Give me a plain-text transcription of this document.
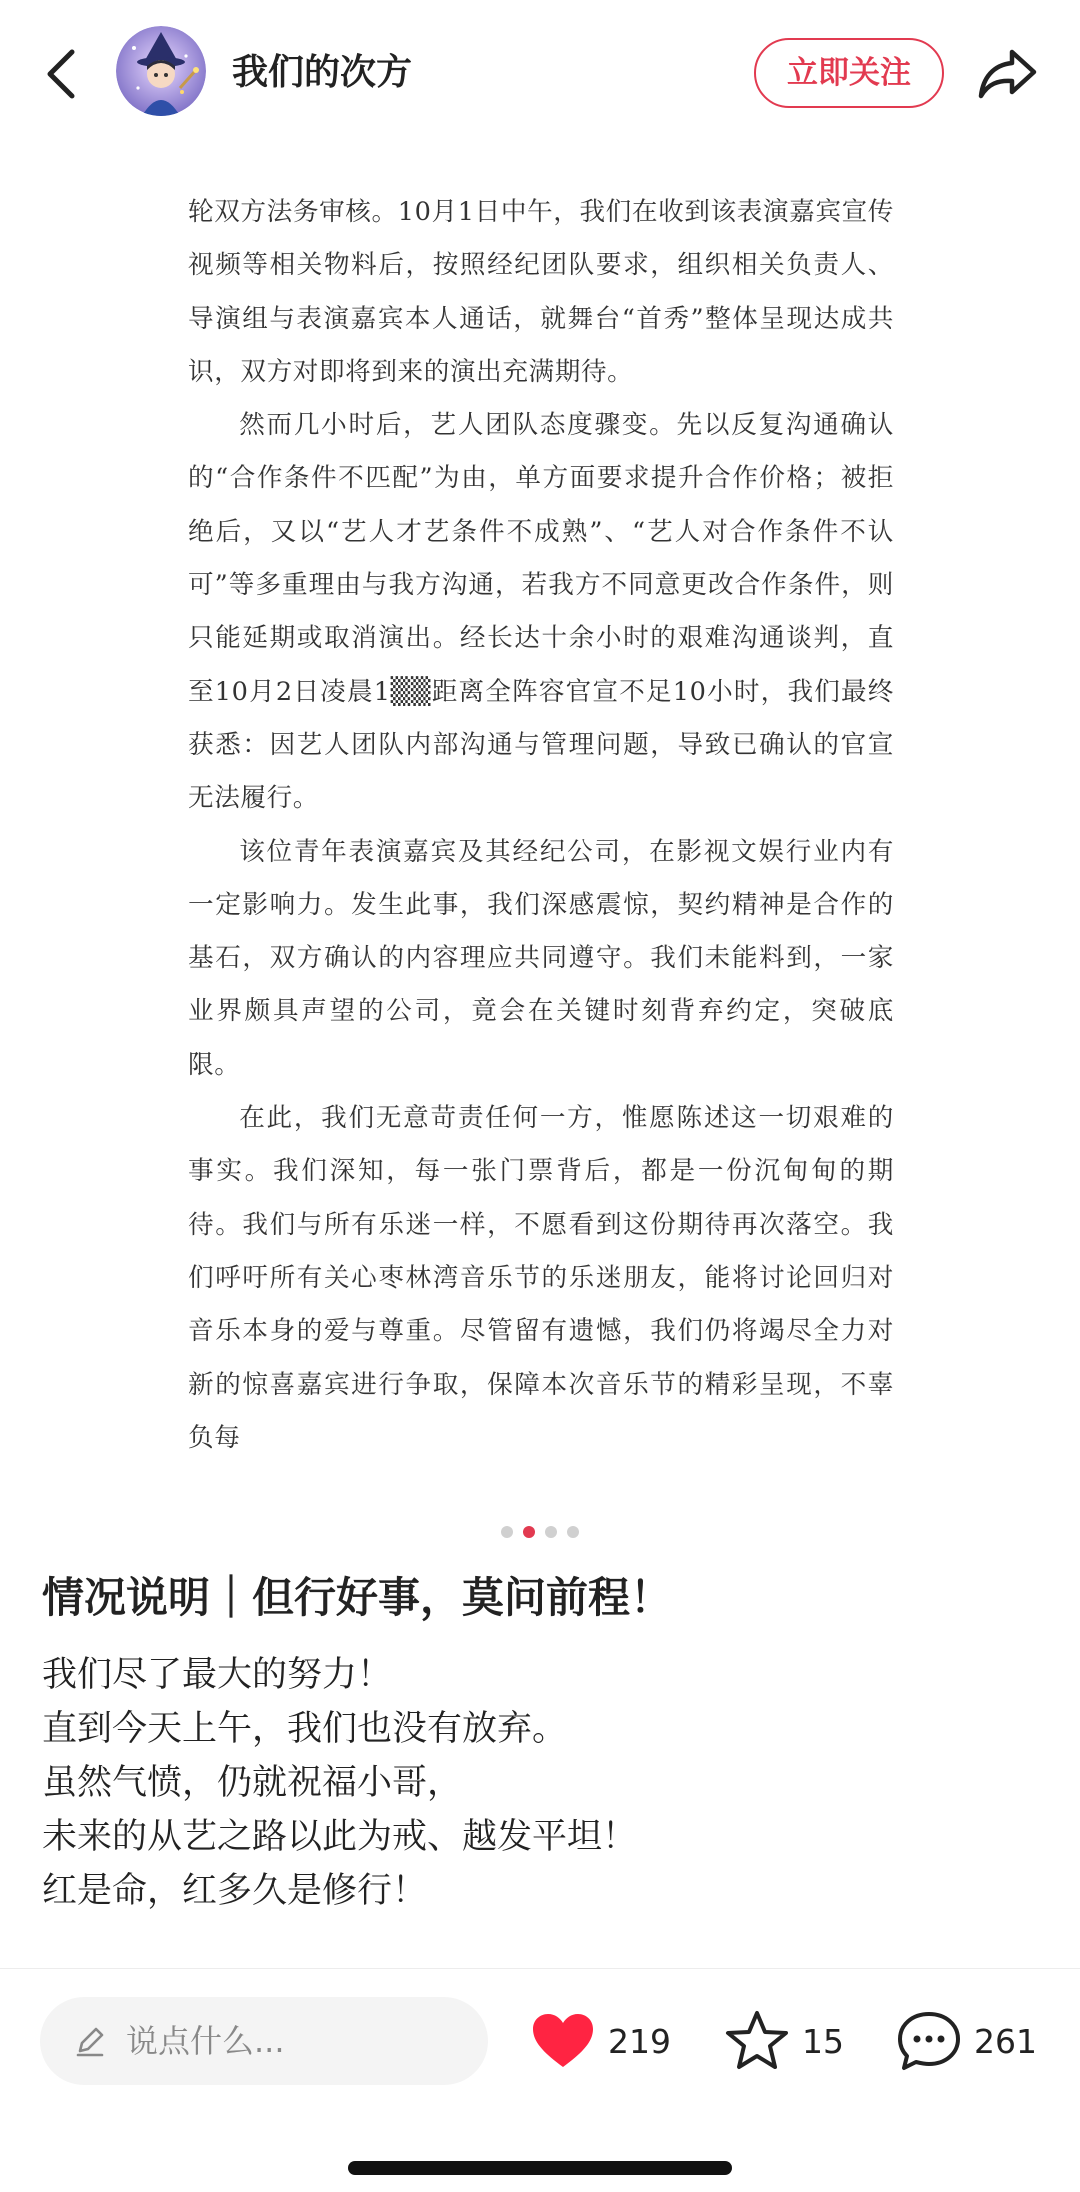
我们的次方	立即关注

轮双方法务审核。10月1日中午，我们在收到该表演嘉宾宣传视频等相关物料后，按照经纪团队要求，组织相关负责人、导演组与表演嘉宾本人通话，就舞台“首秀”整体呈现达成共识，双方对即将到来的演出充满期待。

然而几小时后，艺人团队态度骤变。先以反复沟通确认的“合作条件不匹配”为由，单方面要求提升合作价格；被拒绝后，又以“艺人才艺条件不成熟”、“艺人对合作条件不认可”等多重理由与我方沟通，若我方不同意更改合作条件，则只能延期或取消演出。经长达十余小时的艰难沟通谈判，直至10月2日凌晨1▒▒距离全阵容官宣不足10小时，我们最终获悉：因艺人团队内部沟通与管理问题，导致已确认的官宣无法履行。

该位青年表演嘉宾及其经纪公司，在影视文娱行业内有一定影响力。发生此事，我们深感震惊，契约精神是合作的基石，双方确认的内容理应共同遵守。我们未能料到，一家业界颇具声望的公司，竟会在关键时刻背弃约定，突破底限。

在此，我们无意苛责任何一方，惟愿陈述这一切艰难的事实。我们深知，每一张门票背后，都是一份沉甸甸的期待。我们与所有乐迷一样，不愿看到这份期待再次落空。我们呼吁所有关心枣林湾音乐节的乐迷朋友，能将讨论回归对音乐本身的爱与尊重。尽管留有遗憾，我们仍将竭尽全力对新的惊喜嘉宾进行争取，保障本次音乐节的精彩呈现，不辜负每

情况说明｜但行好事，莫问前程！
我们尽了最大的努力！
直到今天上午，我们也没有放弃。
虽然气愤，仍就祝福小哥，
未来的从艺之路以此为戒、越发平坦！
红是命，红多久是修行！
说点什么...	219	15	261
